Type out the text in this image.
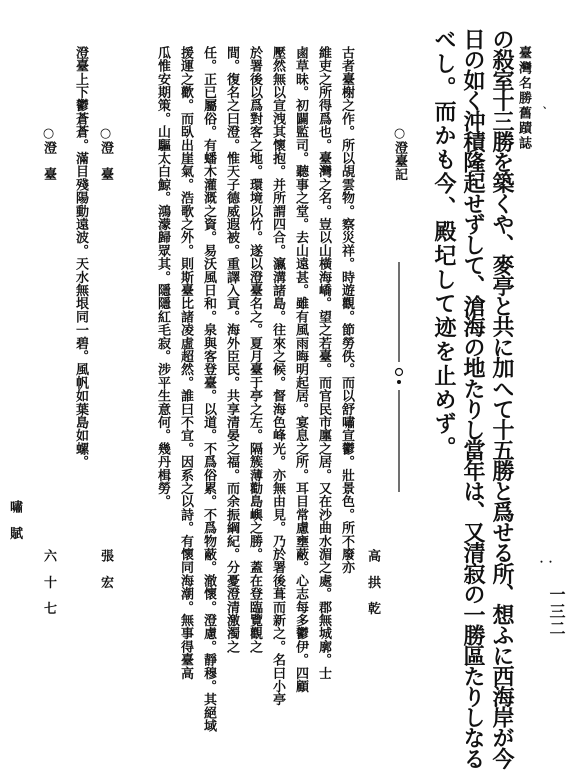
一三二
臺灣名勝舊蹟誌 、
・ ・
の殺室十三勝を築くや、麥亭と共に加へて十五勝と爲せる所、想ふに西海岸が今
日の如く沖積隆起せずして、滄海の地たりし當年は、又清寂の一勝區たりしなる
べし。而かも今、殿圮して迹を止めず。
○澄臺記
高　拱　乾
古者臺榭之作。所以覘雲物。察災祥。時遊觀。節勞佚。而以舒嘯宣鬱。壯景色。所不廢亦
維吏之所得爲也。臺灣之名。豈以山橫海嶠。望之若臺。而官民市廛之居。又在沙曲水湄之處。郡無城廓。士
鹵草昧。初闢監司。聽事之堂。去山遠甚。雖有風雨晦明起居。宴息之所。耳目常慮壅蔽。心志每多鬱伊。四顧
壓然無以宣洩其懷抱。并所謂四合。瀛溝諸島。往來之候。督海色峰光。亦無由見。乃於署後葺而新之。名曰小亭
於署後以爲對客之地。環境以竹。遂以澄臺名之。夏月臺于亭之左。隔簇薄勸島嶼之勝。蓋在登臨覽觀之
間。復名之曰澄。惟天子德威遐被。重譯入貢。海外臣民。共享清晏之福。而余振綱紀。分憂澄清激濁之
任。正已屬俗。有蟠木灌溉之資。易沃風日和。泉與客登臺。以道。不爲俗累。不爲物蔽。澈懷。澄慮。靜穆。其絕域
援運之歡。而臥出崖氣。浩歌之外。則斯臺比諸凌虛超然。誰曰不宜。因系之以詩。有懷同海潮。無事得臺高
瓜惟安期策。山驅太白鯨。鴻濛歸眾其。隱隱紅毛寂。涉平生意何。幾丹楫勞。
○澄　臺
張　宏
澄臺上下鬱蒼蒼。滿目殘陽動遠波。天水無垠同一碧。風帆如葉島如螺。
○澄　臺
六　十　七
嘯　賦
